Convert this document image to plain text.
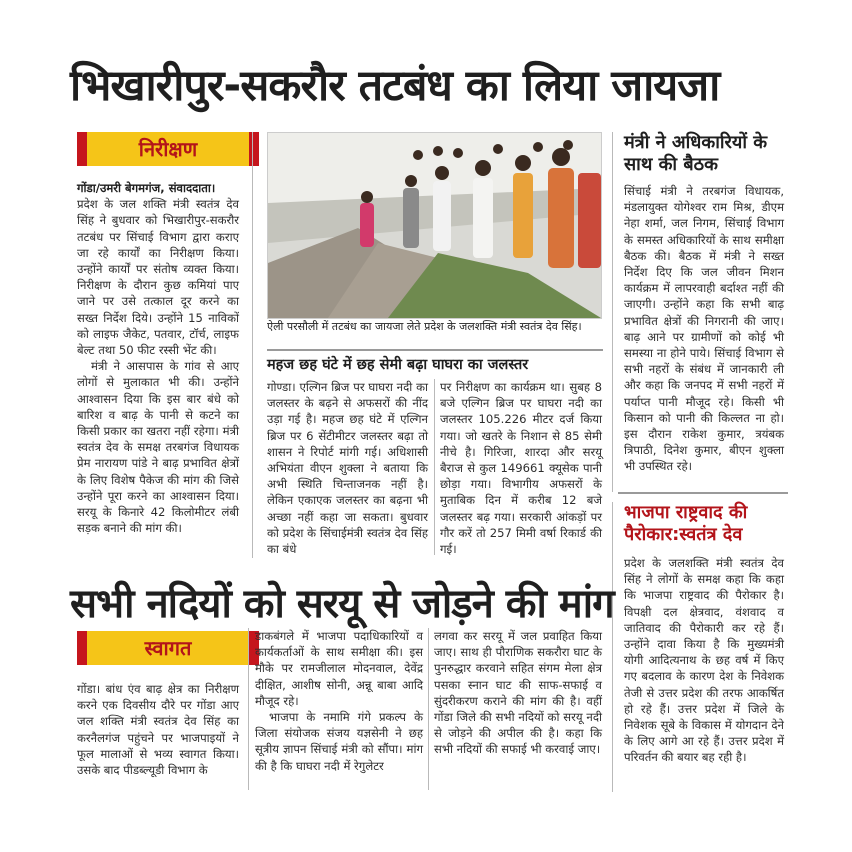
भिखारीपुर-सकरौर तटबंध का लिया जायजा
निरीक्षण

गोंडा/उमरी बेगमगंज, संवाददाता।

प्रदेश के जल शक्ति मंत्री स्वतंत्र देव सिंह ने बुधवार को भिखारीपुर-सकरौर तटबंध पर सिंचाई विभाग द्वारा कराए जा रहे कार्यों का निरीक्षण किया। उन्होंने कार्यों पर संतोष व्यक्त किया। निरीक्षण के दौरान कुछ कमियां पाए जाने पर उसे तत्काल दूर करने का सख्त निर्देश दिये। उन्होंने 15 नाविकों को लाइफ जैकेट, पतवार, टॉर्च, लाइफ बेल्ट तथा 50 फीट रस्सी भेंट की।

मंत्री ने आसपास के गांव से आए लोगों से मुलाकात भी की। उन्होंने आश्वासन दिया कि इस बार बंधे को बारिश व बाढ़ के पानी से कटने का किसी प्रकार का खतरा नहीं रहेगा। मंत्री स्वतंत्र देव के समक्ष तरबगंज विधायक प्रेम नारायण पांडे ने बाढ़ प्रभावित क्षेत्रों के लिए विशेष पैकेज की मांग की जिसे उन्होंने पूरा करने का आश्वासन दिया। सरयू के किनारे 42 किलोमीटर लंबी सड़क बनाने की मांग की।

ऐली परसौली में तटबंध का जायजा लेते प्रदेश के जलशक्ति मंत्री स्वतंत्र देव सिंह।
महज छह घंटे में छह सेमी बढ़ा घाघरा का जलस्तर

गोण्डा। एल्गिन ब्रिज पर घाघरा नदी का जलस्तर के बढ़ने से अफसरों की नींद उड़ा गई है। महज छह घंटे में एल्गिन ब्रिज पर 6 सेंटीमीटर जलस्तर बढ़ा तो शासन ने रिपोर्ट मांगी गई। अधिशासी अभियंता वीएन शुक्ला ने बताया कि अभी स्थिति चिन्ताजनक नहीं है। लेकिन एकाएक जलस्तर का बढ़ना भी अच्छा नहीं कहा जा सकता। बुधवार को प्रदेश के सिंचाईमंत्री स्वतंत्र देव सिंह का बंधे

पर निरीक्षण का कार्यक्रम था। सुबह 8 बजे एल्गिन ब्रिज पर घाघरा नदी का जलस्तर 105.226 मीटर दर्ज किया गया। जो खतरे के निशान से 85 सेमी नीचे है। गिरिजा, शारदा और सरयू बैराज से कुल 149661 क्यूसेक पानी छोड़ा गया। विभागीय अफसरों के मुताबिक दिन में करीब 12 बजे जलस्तर बढ़ गया। सरकारी आंकड़ों पर गौर करें तो 257 मिमी वर्षा रिकार्ड की गई।

मंत्री ने अधिकारियों के साथ की बैठक

सिंचाई मंत्री ने तरबगंज विधायक, मंडलायुक्त योगेश्वर राम मिश्र, डीएम नेहा शर्मा, जल निगम, सिंचाई विभाग के समस्त अधिकारियों के साथ समीक्षा बैठक की। बैठक में मंत्री ने सख्त निर्देश दिए कि जल जीवन मिशन कार्यक्रम में लापरवाही बर्दाश्त नहीं की जाएगी। उन्होंने कहा कि सभी बाढ़ प्रभावित क्षेत्रों की निगरानी की जाए। बाढ़ आने पर ग्रामीणों को कोई भी समस्या ना होने पाये। सिंचाई विभाग से सभी नहरों के संबंध में जानकारी ली और कहा कि जनपद में सभी नहरों में पर्याप्त पानी मौजूद रहे। किसी भी किसान को पानी की किल्लत ना हो। इस दौरान राकेश कुमार, त्रयंबक त्रिपाठी, दिनेश कुमार, बीएन शुक्ला भी उपस्थित रहे।

भाजपा राष्ट्रवाद की पैरोकार:स्वतंत्र देव

प्रदेश के जलशक्ति मंत्री स्वतंत्र देव सिंह ने लोगों के समक्ष कहा कि कहा कि भाजपा राष्ट्रवाद की पैरोकार है। विपक्षी दल क्षेत्रवाद, वंशवाद व जातिवाद की पैरोकारी कर रहे हैं। उन्होंने दावा किया है कि मुख्यमंत्री योगी आदित्यनाथ के छह वर्ष में किए गए बदलाव के कारण देश के निवेशक तेजी से उत्तर प्रदेश की तरफ आकर्षित हो रहे हैं। उत्तर प्रदेश में जिले के निवेशक सूबे के विकास में योगदान देने के लिए आगे आ रहे हैं। उत्तर प्रदेश में परिवर्तन की बयार बह रही है।

सभी नदियों को सरयू से जोड़ने की मांग
स्वागत

गोंडा। बांध एंव बाढ़ क्षेत्र का निरीक्षण करने एक दिवसीय दौरे पर गोंडा आए जल शक्ति मंत्री स्वतंत्र देव सिंह का करनैलगंज पहुंचने पर भाजपाइयों ने फूल मालाओं से भव्य स्वागत किया। उसके बाद पीडब्ल्यूडी विभाग के

डाकबंगले में भाजपा पदाधिकारियों व कार्यकर्ताओं के साथ समीक्षा की। इस मौके पर रामजीलाल मोदनवाल, देवेंद्र दीक्षित, आशीष सोनी, अन्नू बाबा आदि मौजूद रहे।

भाजपा के नमामि गंगे प्रकल्प के जिला संयोजक संजय यज्ञसेनी ने छह सूत्रीय ज्ञापन सिंचाई मंत्री को सौंपा। मांग की है कि घाघरा नदी में रेगुलेटर

लगवा कर सरयू में जल प्रवाहित किया जाए। साथ ही पौराणिक सकरौरा घाट के पुनरुद्धार करवाने सहित संगम मेला क्षेत्र पसका स्नान घाट की साफ-सफाई व सुंदरीकरण कराने की मांग की है। वहीं गोंडा जिले की सभी नदियों को सरयू नदी से जोड़ने की अपील की है। कहा कि सभी नदियों की सफाई भी करवाई जाए।
